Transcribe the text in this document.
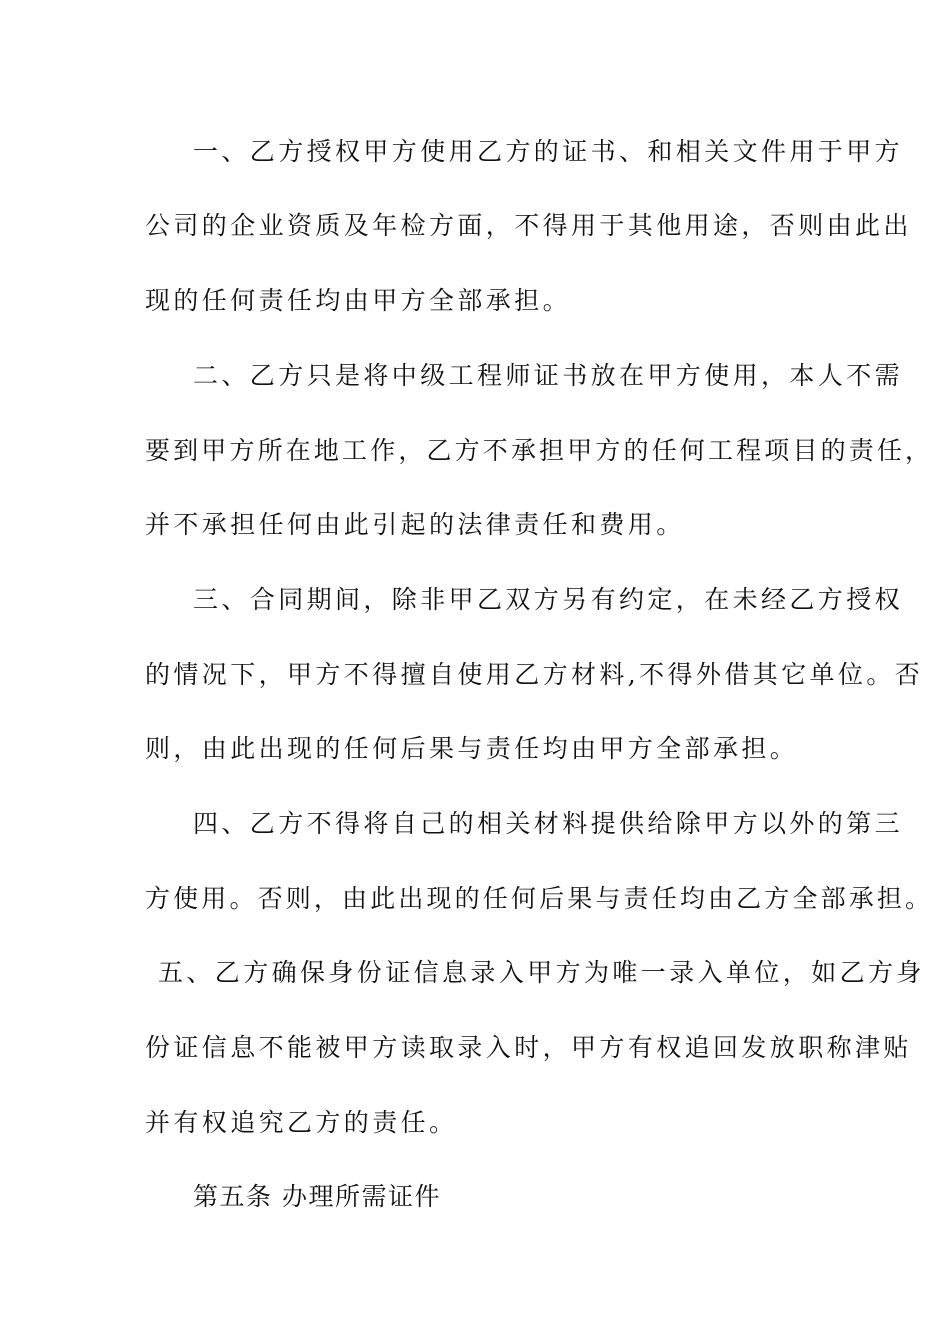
一、乙方授权甲方使用乙方的证书、和相关文件用于甲方
公司的企业资质及年检方面，不得用于其他用途，否则由此出
现的任何责任均由甲方全部承担。
二、乙方只是将中级工程师证书放在甲方使用，本人不需
要到甲方所在地工作，乙方不承担甲方的任何工程项目的责任，
并不承担任何由此引起的法律责任和费用。
三、合同期间，除非甲乙双方另有约定，在未经乙方授权
的情况下，甲方不得擅自使用乙方材料,不得外借其它单位。否
则，由此出现的任何后果与责任均由甲方全部承担。
四、乙方不得将自己的相关材料提供给除甲方以外的第三
方使用。否则，由此出现的任何后果与责任均由乙方全部承担。
五、乙方确保身份证信息录入甲方为唯一录入单位，如乙方身
份证信息不能被甲方读取录入时，甲方有权追回发放职称津贴
并有权追究乙方的责任。
第五条 办理所需证件
